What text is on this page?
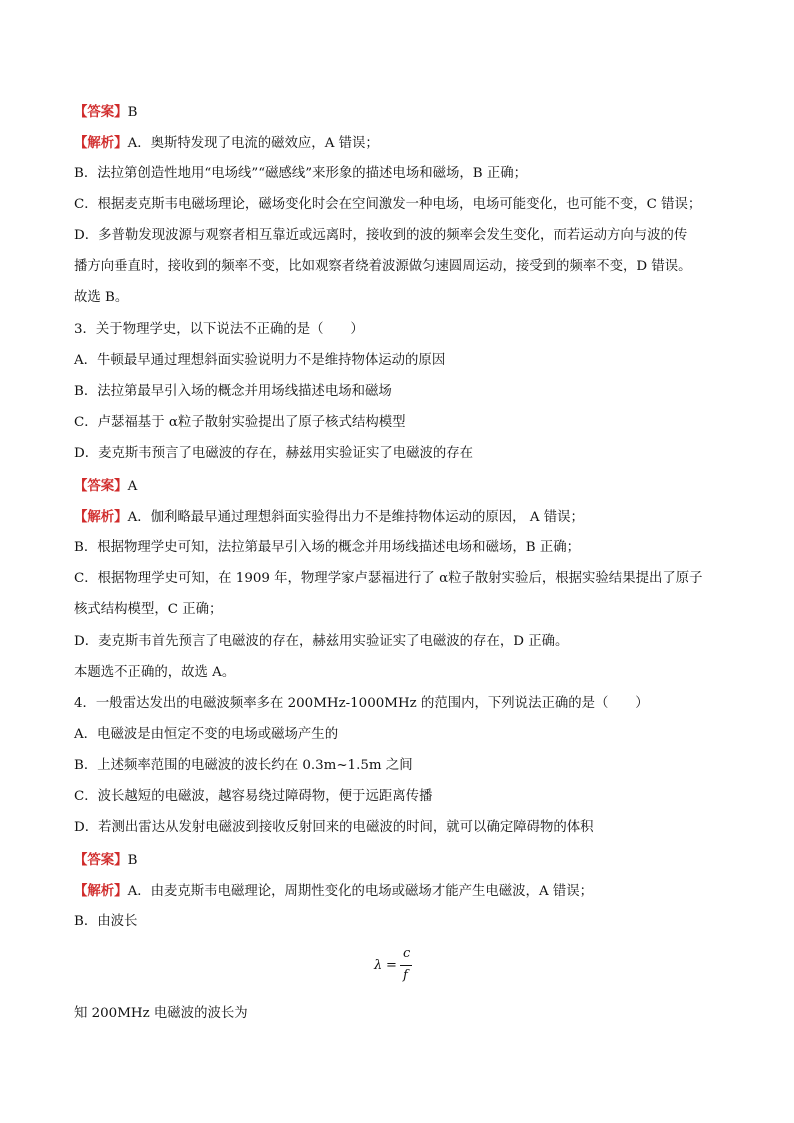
【答案】B
【解析】A．奥斯特发现了电流的磁效应，A 错误；
B．法拉第创造性地用“电场线”“磁感线”来形象的描述电场和磁场，B 正确；
C．根据麦克斯韦电磁场理论，磁场变化时会在空间激发一种电场，电场可能变化，也可能不变，C 错误；
D．多普勒发现波源与观察者相互靠近或远离时，接收到的波的频率会发生变化，而若运动方向与波的传
播方向垂直时，接收到的频率不变，比如观察者绕着波源做匀速圆周运动，接受到的频率不变，D 错误。
故选 B。
3．关于物理学史，以下说法不正确的是（　　）
A．牛顿最早通过理想斜面实验说明力不是维持物体运动的原因
B．法拉第最早引入场的概念并用场线描述电场和磁场
C．卢瑟福基于 α粒子散射实验提出了原子核式结构模型
D．麦克斯韦预言了电磁波的存在，赫兹用实验证实了电磁波的存在
【答案】A
【解析】A．伽利略最早通过理想斜面实验得出力不是维持物体运动的原因， A 错误；
B．根据物理学史可知，法拉第最早引入场的概念并用场线描述电场和磁场，B 正确；
C．根据物理学史可知，在 1909 年，物理学家卢瑟福进行了 α粒子散射实验后，根据实验结果提出了原子
核式结构模型，C 正确；
D．麦克斯韦首先预言了电磁波的存在，赫兹用实验证实了电磁波的存在，D 正确。
本题选不正确的，故选 A。
4．一般雷达发出的电磁波频率多在 200MHz-1000MHz 的范围内，下列说法正确的是（　　）
A．电磁波是由恒定不变的电场或磁场产生的
B．上述频率范围的电磁波的波长约在 0.3m~1.5m 之间
C．波长越短的电磁波，越容易绕过障碍物，便于远距离传播
D．若测出雷达从发射电磁波到接收反射回来的电磁波的时间，就可以确定障碍物的体积
【答案】B
【解析】A．由麦克斯韦电磁理论，周期性变化的电场或磁场才能产生电磁波，A 错误；
B．由波长
λ =
c
f
知 200MHz 电磁波的波长为
